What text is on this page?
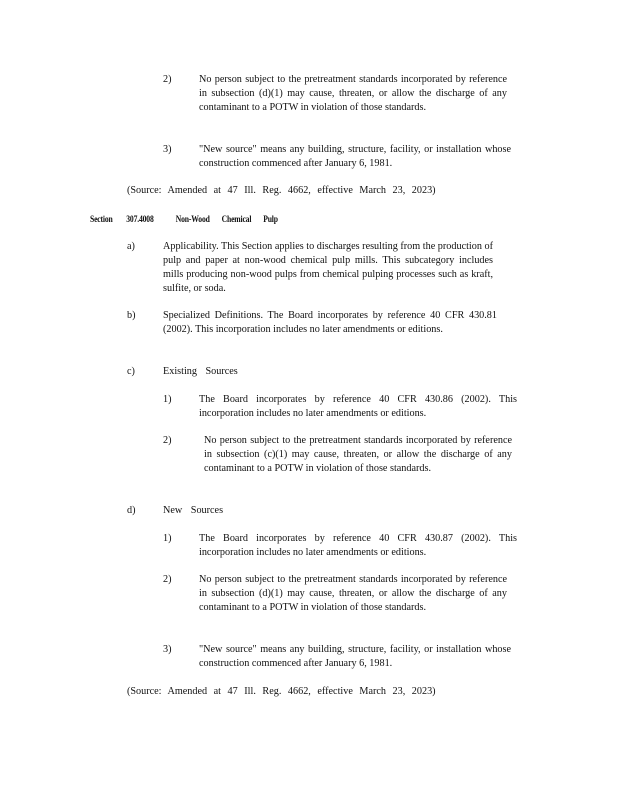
2)	No person subject to the pretreatment standards incorporated by reference in subsection (d)(1) may cause, threaten, or allow the discharge of any contaminant to a POTW in violation of those standards.
3)	"New source" means any building, structure, facility, or installation whose construction commenced after January 6, 1981.
(Source: Amended at 47 Ill. Reg. 4662, effective March 23, 2023)
Section 307.4008 Non-Wood Chemical Pulp
a)	Applicability. This Section applies to discharges resulting from the production of pulp and paper at non-wood chemical pulp mills. This subcategory includes mills producing non-wood pulps from chemical pulping processes such as kraft, sulfite, or soda.
b)	Specialized Definitions. The Board incorporates by reference 40 CFR 430.81 (2002). This incorporation includes no later amendments or editions.
c)	Existing Sources
1)	The Board incorporates by reference 40 CFR 430.86 (2002). This incorporation includes no later amendments or editions.
2)	No person subject to the pretreatment standards incorporated by reference in subsection (c)(1) may cause, threaten, or allow the discharge of any contaminant to a POTW in violation of those standards.
d)	New Sources
1)	The Board incorporates by reference 40 CFR 430.87 (2002). This incorporation includes no later amendments or editions.
2)	No person subject to the pretreatment standards incorporated by reference in subsection (d)(1) may cause, threaten, or allow the discharge of any contaminant to a POTW in violation of those standards.
3)	"New source" means any building, structure, facility, or installation whose construction commenced after January 6, 1981.
(Source: Amended at 47 Ill. Reg. 4662, effective March 23, 2023)
